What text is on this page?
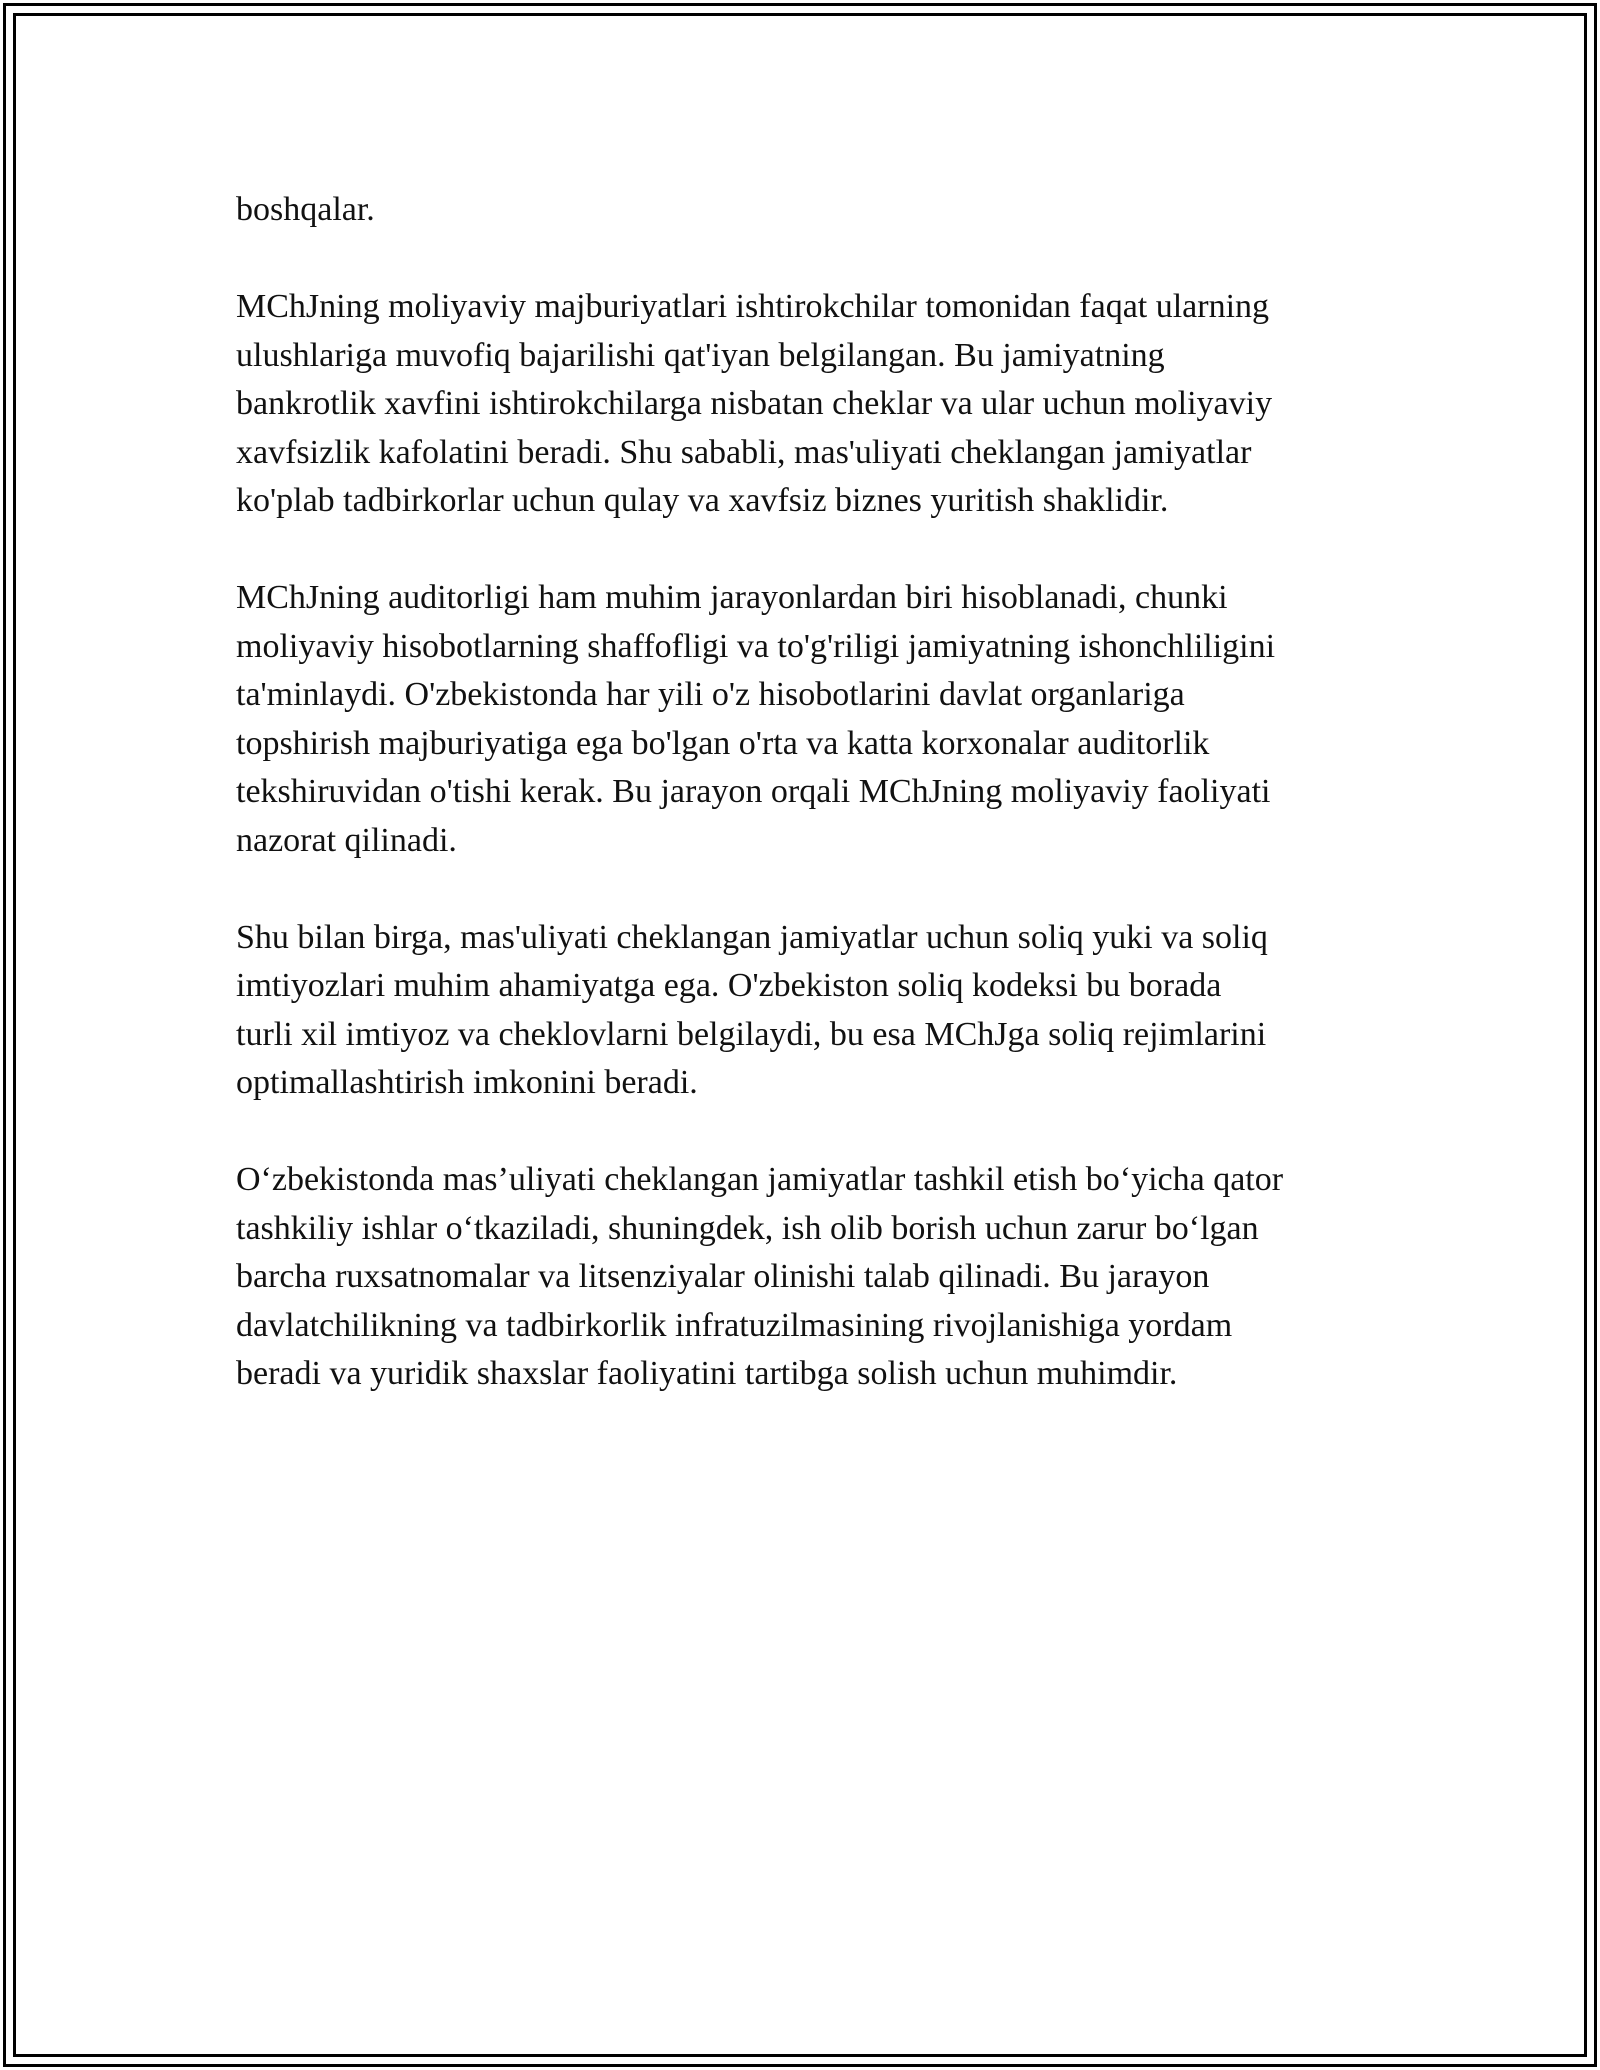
boshqalar.

MChJning moliyaviy majburiyatlari ishtirokchilar tomonidan faqat ularning
ulushlariga muvofiq bajarilishi qat'iyan belgilangan. Bu jamiyatning
bankrotlik xavfini ishtirokchilarga nisbatan cheklar va ular uchun moliyaviy
xavfsizlik kafolatini beradi. Shu sababli, mas'uliyati cheklangan jamiyatlar
ko'plab tadbirkorlar uchun qulay va xavfsiz biznes yuritish shaklidir.

MChJning auditorligi ham muhim jarayonlardan biri hisoblanadi, chunki
moliyaviy hisobotlarning shaffofligi va to'g'riligi jamiyatning ishonchliligini
ta'minlaydi. O'zbekistonda har yili o'z hisobotlarini davlat organlariga
topshirish majburiyatiga ega bo'lgan o'rta va katta korxonalar auditorlik
tekshiruvidan o'tishi kerak. Bu jarayon orqali MChJning moliyaviy faoliyati
nazorat qilinadi.

Shu bilan birga, mas'uliyati cheklangan jamiyatlar uchun soliq yuki va soliq
imtiyozlari muhim ahamiyatga ega. O'zbekiston soliq kodeksi bu borada
turli xil imtiyoz va cheklovlarni belgilaydi, bu esa MChJga soliq rejimlarini
optimallashtirish imkonini beradi.

O‘zbekistonda mas’uliyati cheklangan jamiyatlar tashkil etish bo‘yicha qator
tashkiliy ishlar o‘tkaziladi, shuningdek, ish olib borish uchun zarur bo‘lgan
barcha ruxsatnomalar va litsenziyalar olinishi talab qilinadi. Bu jarayon
davlatchilikning va tadbirkorlik infratuzilmasining rivojlanishiga yordam
beradi va yuridik shaxslar faoliyatini tartibga solish uchun muhimdir.
